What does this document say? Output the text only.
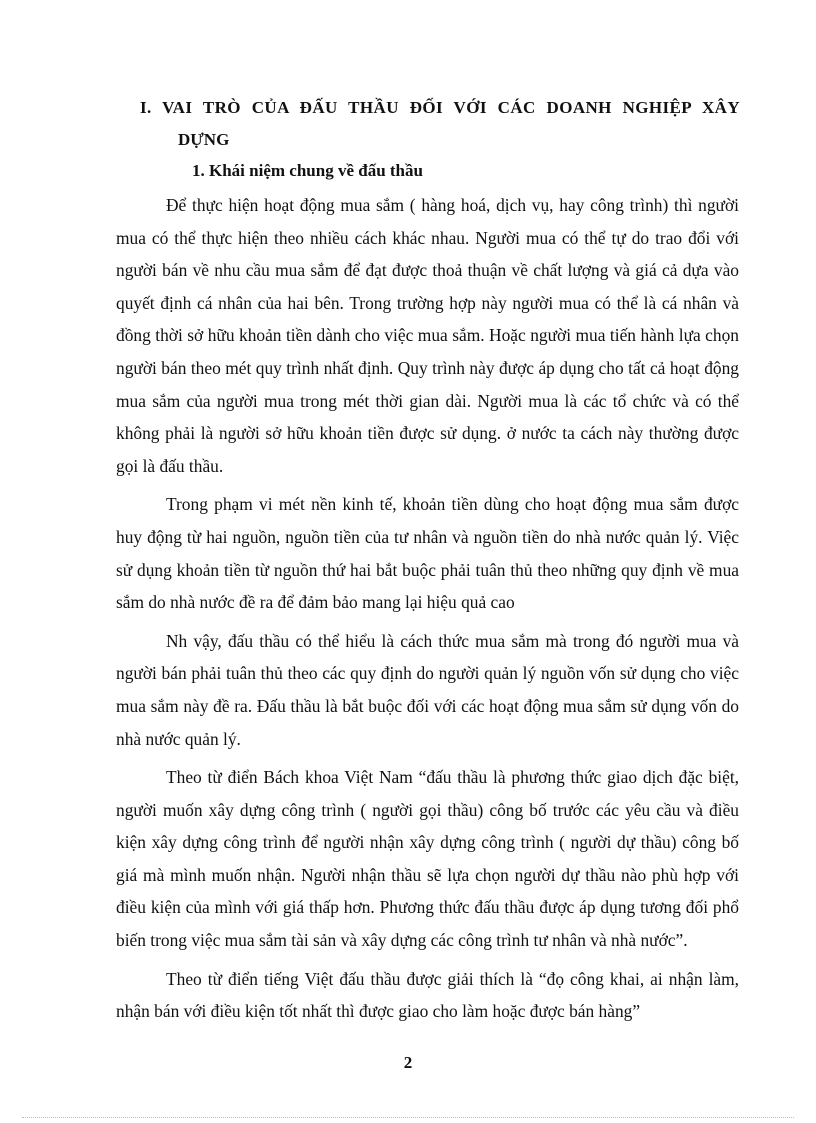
I. VAI TRÒ CỦA ĐẤU THẦU ĐỐI VỚI CÁC DOANH NGHIỆP XÂY
DỰNG
1. Khái niệm chung về đấu thầu

Để thực hiện hoạt động mua sắm ( hàng hoá, dịch vụ, hay công trình) thì người mua có thể thực hiện theo nhiều cách khác nhau. Người mua có thể tự do trao đổi với người bán về nhu cầu mua sắm để đạt được thoả thuận về chất lượng và giá cả dựa vào quyết định cá nhân của hai bên. Trong trường hợp này người mua có thể là cá nhân và đồng thời sở hữu khoản tiền dành cho việc mua sắm. Hoặc người mua tiến hành lựa chọn người bán theo mét quy trình nhất định. Quy trình này được áp dụng cho tất cả hoạt động mua sắm của người mua trong mét thời gian dài. Người mua là các tổ chức và có thể không phải là người sở hữu khoản tiền được sử dụng. ở nước ta cách này thường được gọi là đấu thầu.

Trong phạm vi mét nền kinh tế, khoản tiền dùng cho hoạt động mua sắm được huy động từ hai nguồn, nguồn tiền của tư nhân và nguồn tiền do nhà nước quản lý. Việc sử dụng khoản tiền từ nguồn thứ hai bắt buộc phải tuân thủ theo những quy định về mua sắm do nhà nước đề ra để đảm bảo mang lại hiệu quả cao

Nh vậy, đấu thầu có thể hiểu là cách thức mua sắm mà trong đó người mua và người bán phải tuân thủ theo các quy định do người quản lý nguồn vốn sử dụng cho việc mua sắm này đề ra. Đấu thầu là bắt buộc đối với các hoạt động mua sắm sử dụng vốn do nhà nước quản lý.

Theo từ điển Bách khoa Việt Nam “đấu thầu là phương thức giao dịch đặc biệt, người muốn xây dựng công trình ( người gọi thầu) công bố trước các yêu cầu và điều kiện xây dựng công trình để người nhận xây dựng công trình ( người dự thầu) công bố giá mà mình muốn nhận. Người nhận thầu sẽ lựa chọn người dự thầu nào phù hợp với điều kiện của mình với giá thấp hơn. Phương thức đấu thầu được áp dụng tương đối phổ biến trong việc mua sắm tài sản và xây dựng các công trình tư nhân và nhà nước”.

Theo từ điển tiếng Việt đấu thầu được giải thích là “đọ công khai, ai nhận làm, nhận bán với điều kiện tốt nhất thì được giao cho làm hoặc được bán hàng”

2
